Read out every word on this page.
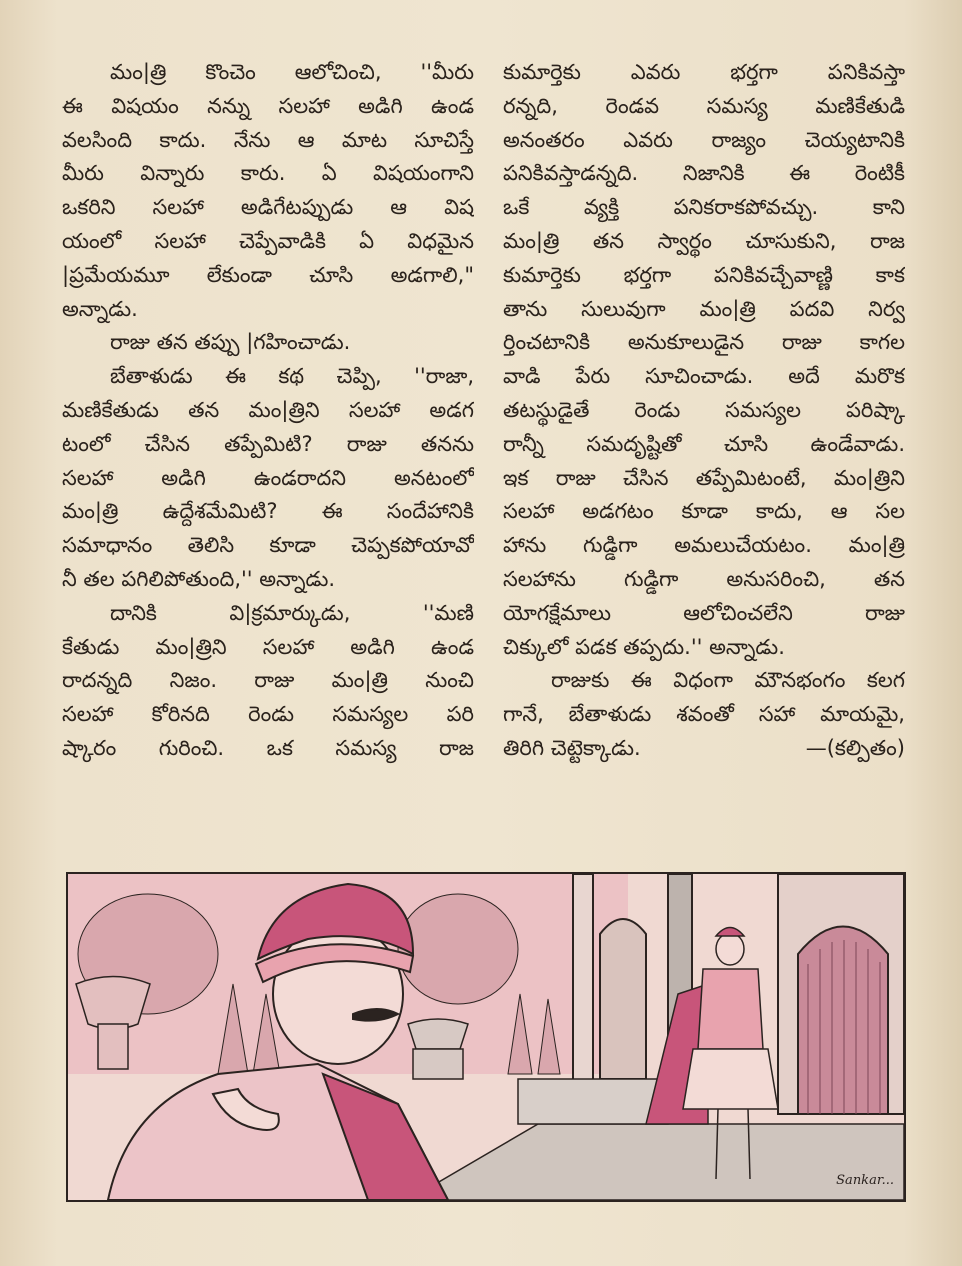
మం|త్రి కొంచెం ఆలోచించి, ''మీరు
ఈ విషయం నన్ను సలహా అడిగి ఉండ
వలసింది కాదు. నేను ఆ మాట సూచిస్తే
మీరు విన్నారు కారు. ఏ విషయంగాని
ఒకరిని సలహా అడిగేటప్పుడు ఆ విష
యంలో సలహా చెప్పేవాడికి ఏ విధమైన
|ప్రమేయమూ లేకుండా చూసి అడగాలి,"
అన్నాడు.

రాజు తన తప్పు |గహించాడు.

బేతాళుడు ఈ కథ చెప్పి, ''రాజా,
మణికేతుడు తన మం|త్రిని సలహా అడగ
టంలో చేసిన తప్పేమిటి? రాజు తనను
సలహా అడిగి ఉండరాదని అనటంలో
మం|త్రి ఉద్దేశమేమిటి? ఈ సందేహానికి
సమాధానం తెలిసి కూడా చెప్పకపోయావో
నీ తల పగిలిపోతుంది,'' అన్నాడు.

దానికి వి|క్రమార్కుడు, ''మణి
కేతుడు మం|త్రిని సలహా అడిగి ఉండ
రాదన్నది నిజం. రాజు మం|త్రి నుంచి
సలహా కోరినది రెండు సమస్యల పరి
ష్కారం గురించి. ఒక సమస్య రాజ

కుమార్తెకు ఎవరు భర్తగా పనికివస్తా
రన్నది, రెండవ సమస్య మణికేతుడి
అనంతరం ఎవరు రాజ్యం చెయ్యటానికి
పనికివస్తాడన్నది. నిజానికి ఈ రెంటికీ
ఒకే వ్యక్తి పనికరాకపోవచ్చు. కాని
మం|త్రి తన స్వార్థం చూసుకుని, రాజ
కుమార్తెకు భర్తగా పనికివచ్చేవాణ్ణి కాక
తాను సులువుగా మం|త్రి పదవి నిర్వ
ర్తించటానికి అనుకూలుడైన రాజు కాగల
వాడి పేరు సూచించాడు. అదే మరొక
తటస్థుడైతే రెండు సమస్యల పరిష్కా
రాన్నీ సమదృష్టితో చూసి ఉండేవాడు.
ఇక రాజు చేసిన తప్పేమిటంటే, మం|త్రిని
సలహా అడగటం కూడా కాదు, ఆ సల
హాను గుడ్డిగా అమలుచేయటం. మం|త్రి
సలహాను గుడ్డిగా అనుసరించి, తన
యోగక్షేమాలు ఆలోచించలేని రాజు
చిక్కులో పడక తప్పదు.'' అన్నాడు.

రాజుకు ఈ విధంగా మౌనభంగం కలగ
గానే, బేతాళుడు శవంతో సహా మాయమై,
తిరిగి చెట్టెక్కాడు.	—(కల్పితం)

Sankar...
